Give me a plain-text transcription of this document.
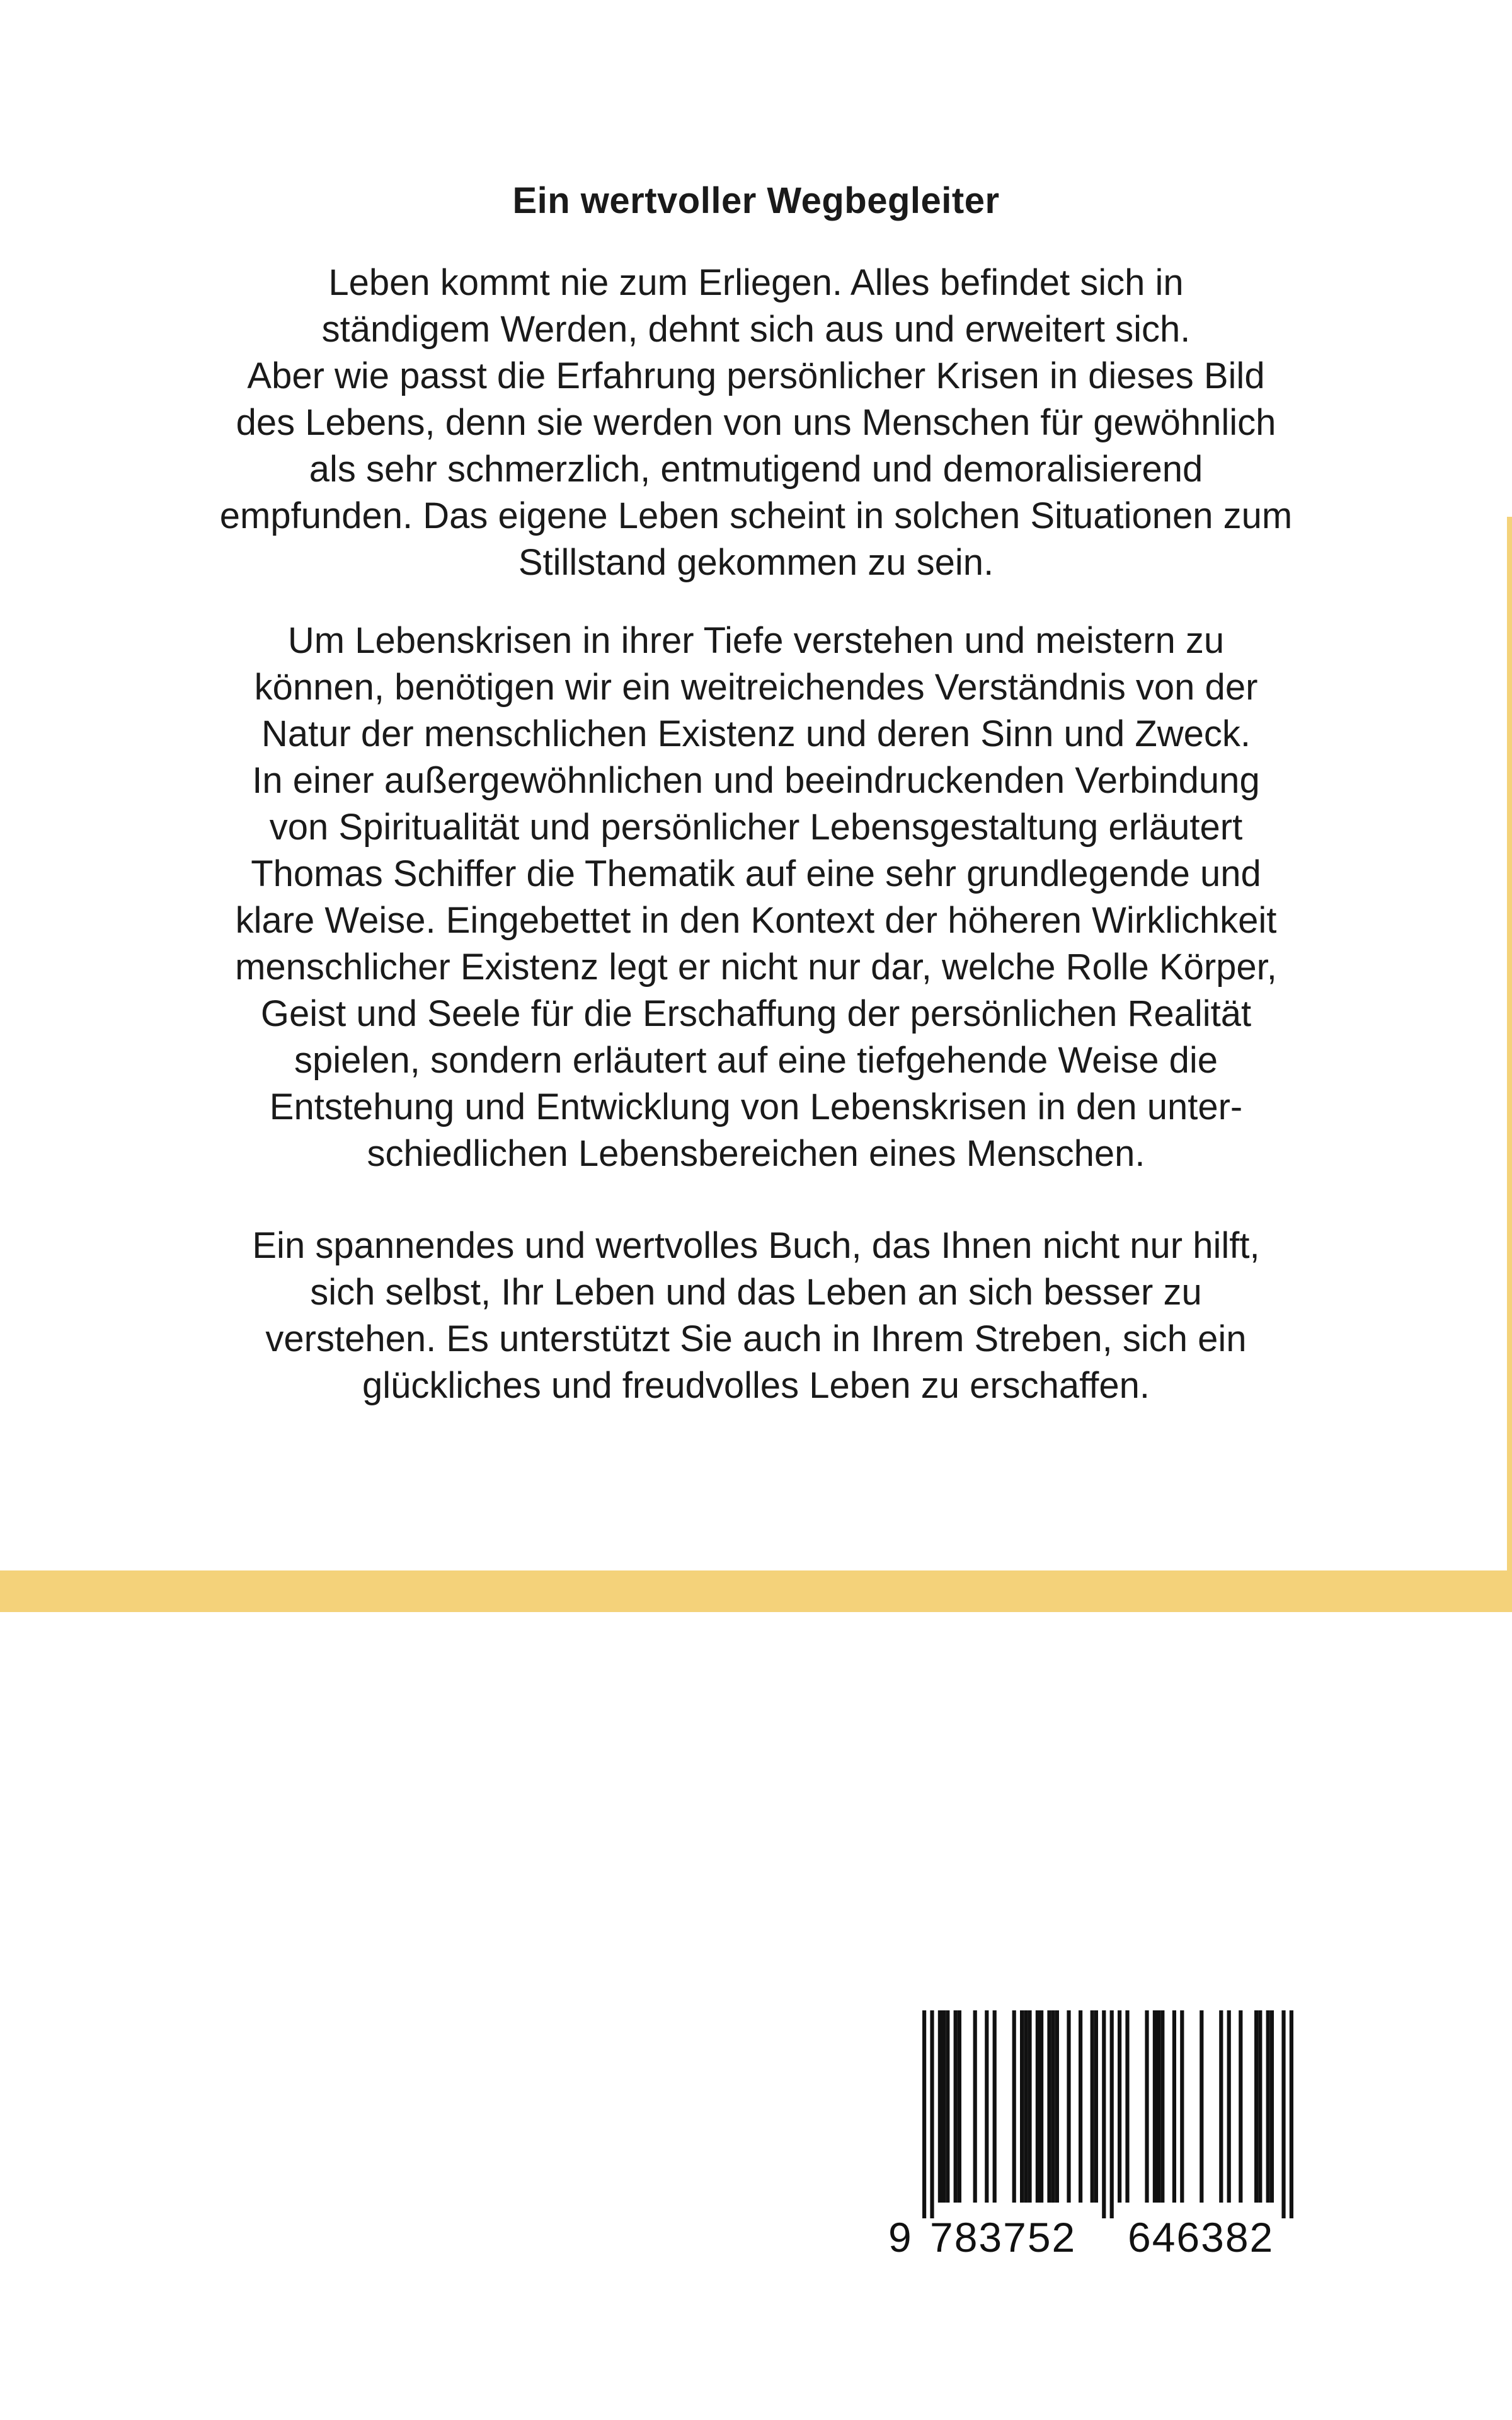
Ein wertvoller Wegbegleiter
Leben kommt nie zum Erliegen. Alles befindet sich in
ständigem Werden, dehnt sich aus und erweitert sich.
Aber wie passt die Erfahrung persönlicher Krisen in dieses Bild
des Lebens, denn sie werden von uns Menschen für gewöhnlich
als sehr schmerzlich, entmutigend und demoralisierend
empfunden. Das eigene Leben scheint in solchen Situationen zum
Stillstand gekommen zu sein.
Um Lebenskrisen in ihrer Tiefe verstehen und meistern zu
können, benötigen wir ein weitreichendes Verständnis von der
Natur der menschlichen Existenz und deren Sinn und Zweck.
In einer außergewöhnlichen und beeindruckenden Verbindung
von Spiritualität und persönlicher Lebensgestaltung erläutert
Thomas Schiffer die Thematik auf eine sehr grundlegende und
klare Weise. Eingebettet in den Kontext der höheren Wirklichkeit
menschlicher Existenz legt er nicht nur dar, welche Rolle Körper,
Geist und Seele für die Erschaffung der persönlichen Realität
spielen, sondern erläutert auf eine tiefgehende Weise die
Entstehung und Entwicklung von Lebenskrisen in den unter-
schiedlichen Lebensbereichen eines Menschen.
Ein spannendes und wertvolles Buch, das Ihnen nicht nur hilft,
sich selbst, Ihr Leben und das Leben an sich besser zu
verstehen. Es unterstützt Sie auch in Ihrem Streben, sich ein
glückliches und freudvolles Leben zu erschaffen.
9 783752 646382
